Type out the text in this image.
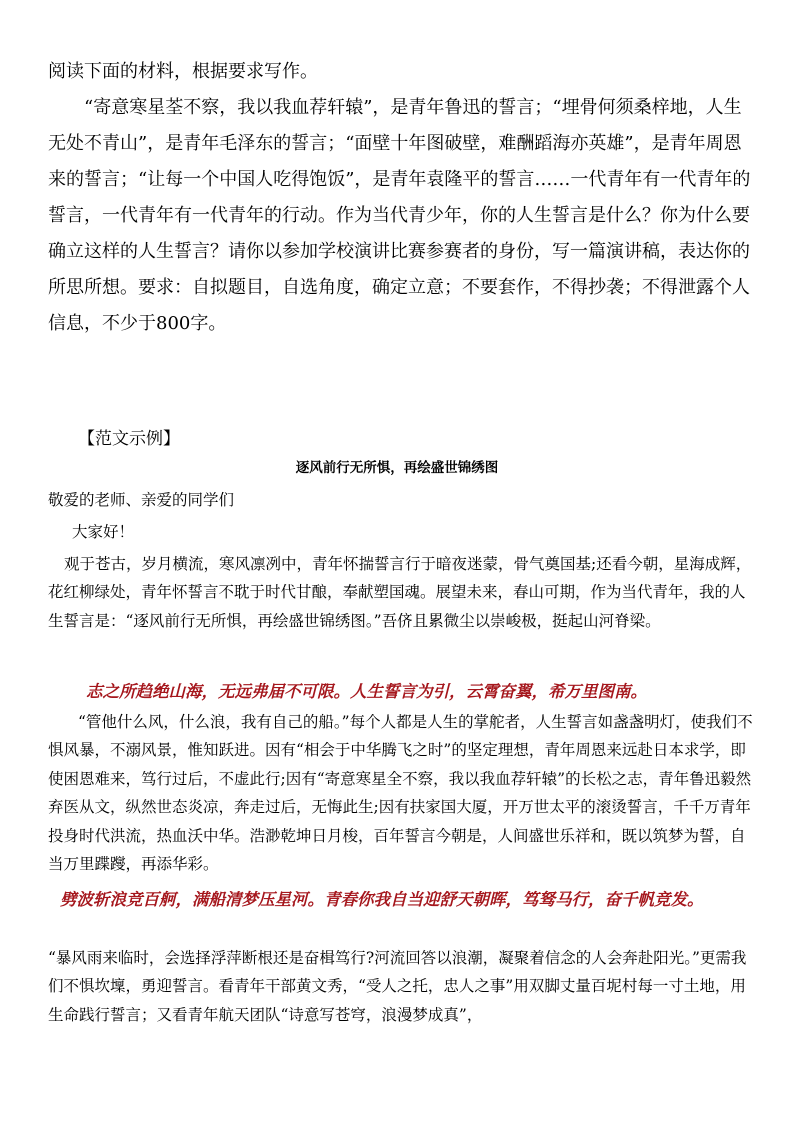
阅读下面的材料，根据要求写作。

“寄意寒星荃不察，我以我血荐轩辕”，是青年鲁迅的誓言；“埋骨何须桑梓地，人生无处不青山”，是青年毛泽东的誓言；“面壁十年图破壁，难酬蹈海亦英雄”，是青年周恩来的誓言；“让每一个中国人吃得饱饭”，是青年袁隆平的誓言……一代青年有一代青年的誓言，一代青年有一代青年的行动。作为当代青少年，你的人生誓言是什么？你为什么要确立这样的人生誓言？请你以参加学校演讲比赛参赛者的身份，写一篇演讲稿，表达你的所思所想。要求：自拟题目，自选角度，确定立意；不要套作，不得抄袭；不得泄露个人信息，不少于800字。

【范文示例】
逐风前行无所惧，再绘盛世锦绣图
敬爱的老师、亲爱的同学们
大家好！

观于苍古，岁月横流，寒风凛冽中，青年怀揣誓言行于暗夜迷蒙，骨气奠国基;还看今朝，星海成辉，花红柳绿处，青年怀誓言不耽于时代甘酿，奉献塑国魂。展望未来，春山可期，作为当代青年，我的人生誓言是：“逐风前行无所惧，再绘盛世锦绣图。”吾侪且累微尘以崇峻极，挺起山河脊梁。

志之所趋绝山海，无远弗届不可限。人生誓言为引，云霄奋翼，希万里图南。

“管他什么风，什么浪，我有自己的船。”每个人都是人生的掌舵者，人生誓言如盏盏明灯，使我们不惧风暴，不溺风景，惟知跃进。因有“相会于中华腾飞之时”的坚定理想，青年周恩来远赴日本求学，即使困恩难来，笃行过后，不虚此行;因有“寄意寒星全不察，我以我血荐轩辕”的长松之志，青年鲁迅毅然弃医从文，纵然世态炎凉，奔走过后，无悔此生;因有扶家国大厦，开万世太平的滚烫誓言，千千万青年投身时代洪流，热血沃中华。浩渺乾坤日月梭，百年誓言今朝是，人间盛世乐祥和，既以筑梦为誓，自当万里蹀躞，再添华彩。

劈波斩浪竞百舸，满船清梦压星河。青春你我自当迎舒天朝晖，笃驽马行，奋千帆竞发。

“暴风雨来临时，会选择浮萍断根还是奋楫笃行?河流回答以浪潮，凝聚着信念的人会奔赴阳光。”更需我们不惧坎壈，勇迎誓言。看青年干部黄文秀，“受人之托，忠人之事”用双脚丈量百坭村每一寸土地，用生命践行誓言；又看青年航天团队“诗意写苍穹，浪漫梦成真”，
